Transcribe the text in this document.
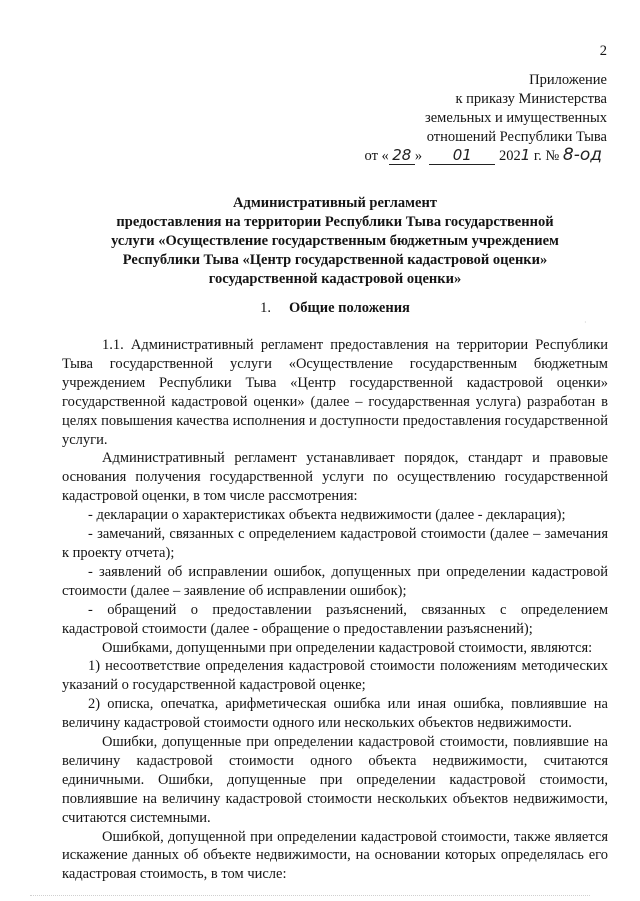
2
Приложение
к приказу Министерства
земельных и имущественных
отношений Республики Тыва
от « 28 » 01 2021 г. № 8-од
Административный регламент
предоставления на территории Республики Тыва государственной
услуги «Осуществление государственным бюджетным учреждением
Республики Тыва «Центр государственной кадастровой оценки»
государственной кадастровой оценки»
1. Общие положения
·

1.1. Административный регламент предоставления на территории Республики Тыва государственной услуги «Осуществление государственным бюджетным учреждением Республики Тыва «Центр государственной кадастровой оценки» государственной кадастровой оценки» (далее – государственная услуга) разработан в целях повышения качества исполнения и доступности предоставления государственной услуги.

Административный регламент устанавливает порядок, стандарт и правовые основания получения государственной услуги по осуществлению государственной кадастровой оценки, в том числе рассмотрения:

- декларации о характеристиках объекта недвижимости (далее - декларация);

- замечаний, связанных с определением кадастровой стоимости (далее – замечания к проекту отчета);

- заявлений об исправлении ошибок, допущенных при определении кадастровой стоимости (далее – заявление об исправлении ошибок);

- обращений о предоставлении разъяснений, связанных с определением кадастровой стоимости (далее - обращение о предоставлении разъяснений);

Ошибками, допущенными при определении кадастровой стоимости, являются:

1) несоответствие определения кадастровой стоимости положениям методических указаний о государственной кадастровой оценке;

2) описка, опечатка, арифметическая ошибка или иная ошибка, повлиявшие на величину кадастровой стоимости одного или нескольких объектов недвижимости.

Ошибки, допущенные при определении кадастровой стоимости, повлиявшие на величину кадастровой стоимости одного объекта недвижимости, считаются единичными. Ошибки, допущенные при определении кадастровой стоимости, повлиявшие на величину кадастровой стоимости нескольких объектов недвижимости, считаются системными.

Ошибкой, допущенной при определении кадастровой стоимости, также является искажение данных об объекте недвижимости, на основании которых определялась его кадастровая стоимость, в том числе:
